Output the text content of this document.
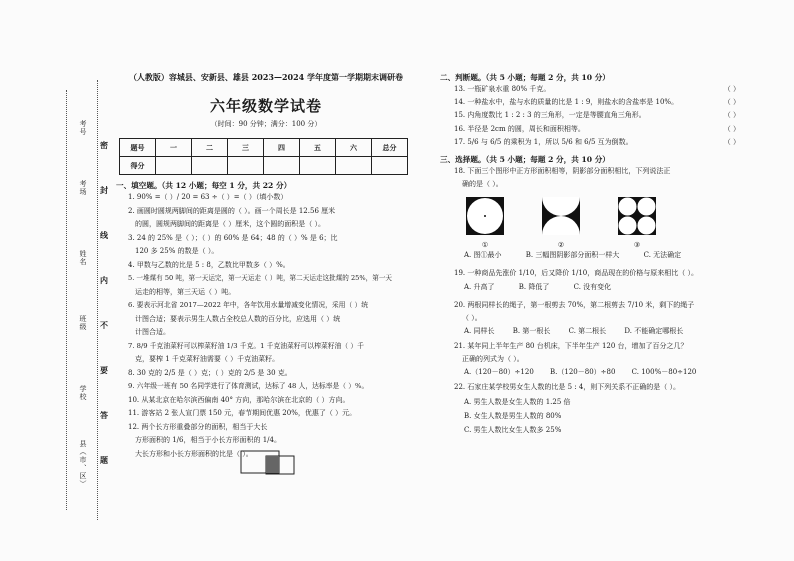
考号
考场
姓名
班级
学校
县（市、区）
密
封
线
内
不
要
答
题
（人教版）容城县、安新县、雄县 2023—2024 学年度第一学期期末调研卷
六年级数学试卷
（时间：90 分钟；满分：100 分）
题号	一	二	三	四	五	六	总分
得分							
一、填空题。（共 12 小题；每空 1 分，共 22 分）
1. 90% =（ ）/ 20 = 63 ÷（ ）=（ ）（填小数）
2. 画圆时圆规两脚间的距离是圆的（ ）。画一个周长是 12.56 厘米
的圆，圆规两脚间的距离是（ ）厘米，这个圆的面积是（ ）。
3. 24 的 25% 是（ ）；（ ）的 60% 是 64；48 的（ ）% 是 6；比
120 多 25% 的数是（ ）。
4. 甲数与乙数的比是 5 : 8，乙数比甲数多（ ）%。
5. 一堆煤有 50 吨，第一天运完，第一天运走（ ）吨，第二天运走这批煤的 25%，第一天
运走的相等，第三天运（ ）吨。
6. 要表示河北省 2017—2022 年中，各年饮用水量增减变化情况，采用（ ）统
计图合适；要表示男生人数占全校总人数的百分比，应选用（ ）统
计图合适。
7. 8/9 千克油菜籽可以榨菜籽油 1/3 千克。1 千克油菜籽可以榨菜籽油（ ）千
克，要榨 1 千克菜籽油需要（ ）千克油菜籽。
8. 30 克的 2/5 是（ ）克；（ ）克的 2/5 是 30 克。
9. 六年级一班有 50 名同学进行了体育测试，达标了 48 人，达标率是（ ）%。
10. 从某北京在哈尔滨西偏南 40° 方向，那哈尔滨在北京的（ ）方向。
11. 游客站 2 张人宣门票 150 元，春节期间优惠 20%，优惠了（ ）元。
12. 两个长方形重叠部分的面积，相当于大长
方形面积的 1/6，相当于小长方形面积的 1/4。
大长方形和小长方形面积的比是（ ）。
二、判断题。（共 5 小题；每题 2 分，共 10 分）
13. 一瓶矿泉水重 80% 千克。	（ ）
14. 一种盐水中，盐与水的质量的比是 1 : 9，则盐水的含盐率是 10%。	（ ）
15. 内角度数比 1 : 2 : 3 的三角形，一定是等腰直角三角形。	（ ）
16. 半径是 2cm 的圆，周长和面积相等。	（ ）
17. 5/6 与 6/5 的乘积为 1，所以 5/6 和 6/5 互为倒数。	（ ）
三、选择题。（共 5 小题；每题 2 分，共 10 分）
18. 下面三个图形中正方形面积相等，阴影部分面积相比，下列说法正
确的是（ ）。
①	②	③
A. 图①最小	B. 三幅图阴影部分面积一样大	C. 无法确定
19. 一种商品先涨价 1/10，后又降价 1/10，商品现在的价格与原来相比（ ）。
A. 升高了	B. 降低了	C. 没有变化
20. 两根同样长的绳子，第一根剪去 70%，第二根剪去 7/10 米，剩下的绳子
（ ）。
A. 同样长	B. 第一根长	C. 第二根长	D. 不能确定哪根长
21. 某年同上半年生产 80 台机床，下半年生产 120 台，增加了百分之几？
正确的列式为（ ）。
A.（120－80）÷120 B.（120－80）÷80 C. 100%－80÷120
22. 石家庄某学校男女生人数的比是 5 : 4，则下列关系不正确的是（ ）。
A. 男生人数是女生人数的 1.25 倍
B. 女生人数是男生人数的 80%
C. 男生人数比女生人数多 25%
